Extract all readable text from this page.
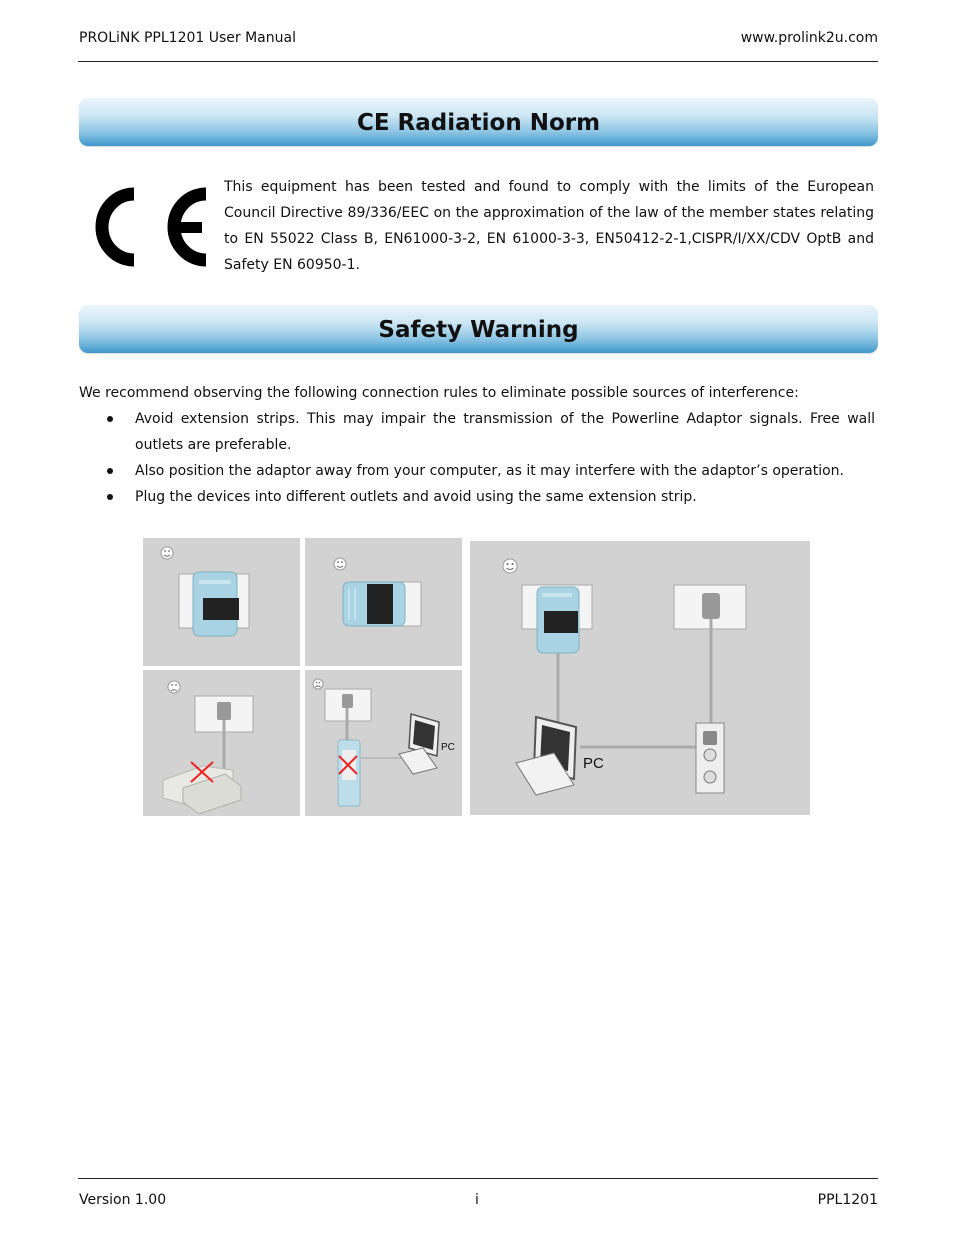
PROLiNK PPL1201 User Manual	www.prolink2u.com
CE Radiation Norm
This equipment has been tested and found to comply with the limits of the European Council Directive 89/336/EEC on the approximation of the law of the member states relating to EN 55022 Class B, EN61000-3-2, EN 61000-3-3, EN50412-2-1,CISPR/I/XX/CDV OptB and Safety EN 60950-1.
Safety Warning
We recommend observing the following connection rules to eliminate possible sources of interference:
Avoid extension strips. This may impair the transmission of the Powerline Adaptor signals. Free wall outlets are preferable.
Also position the adaptor away from your computer, as it may interfere with the adaptor’s operation.
Plug the devices into different outlets and avoid using the same extension strip.
PC
PC
Version 1.00	i	PPL1201
